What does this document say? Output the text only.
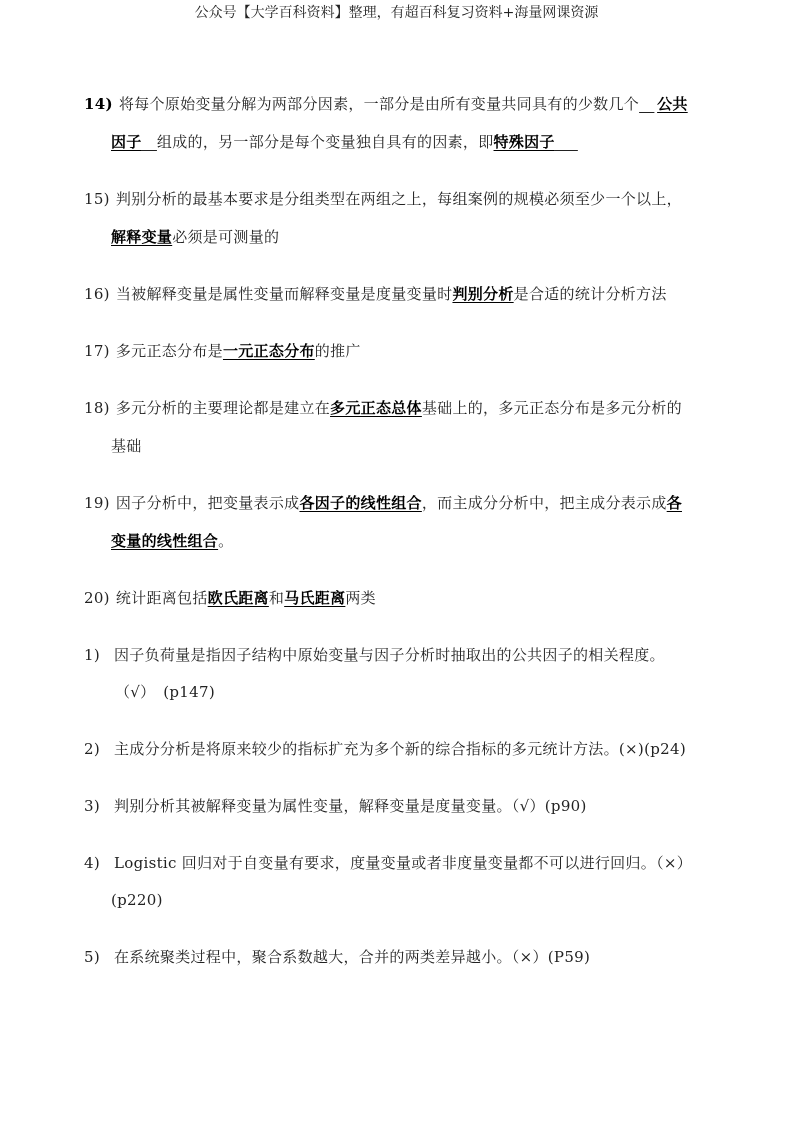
公众号【大学百科资料】整理，有超百科复习资料+海量网课资源
14) 将每个原始变量分解为两部分因素，一部分是由所有变量共同具有的少数几个  公共
因子  组成的，另一部分是每个变量独自具有的因素，即特殊因子  
15) 判别分析的最基本要求是分组类型在两组之上，每组案例的规模必须至少一个以上，
解释变量必须是可测量的
16) 当被解释变量是属性变量而解释变量是度量变量时判别分析是合适的统计分析方法
17) 多元正态分布是一元正态分布的推广
18) 多元分析的主要理论都是建立在多元正态总体基础上的，多元正态分布是多元分析的
基础
19) 因子分析中，把变量表示成各因子的线性组合，而主成分分析中，把主成分表示成各
变量的线性组合。
20) 统计距离包括欧氏距离和马氏距离两类
1) 因子负荷量是指因子结构中原始变量与因子分析时抽取出的公共因子的相关程度。
（√）　(p147)
2) 主成分分析是将原来较少的指标扩充为多个新的综合指标的多元统计方法。(×)(p24)
3) 判别分析其被解释变量为属性变量，解释变量是度量变量。（√）(p90)
4) Logistic 回归对于自变量有要求，度量变量或者非度量变量都不可以进行回归。（×）
(p220)
5) 在系统聚类过程中，聚合系数越大，合并的两类差异越小。（×）(P59)
